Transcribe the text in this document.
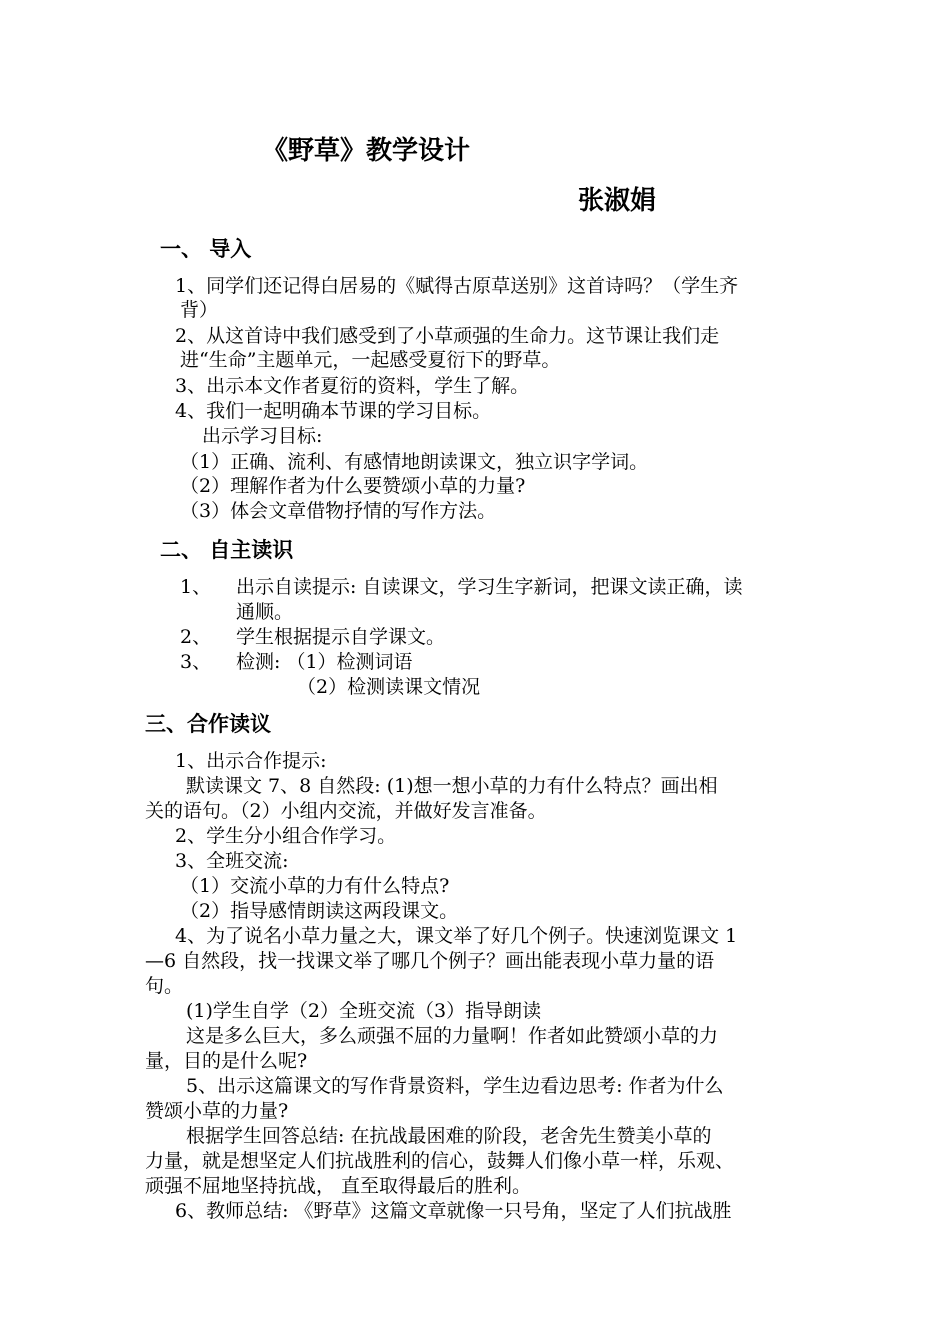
《野草》教学设计
张淑娟
一、 导入
1、同学们还记得白居易的《赋得古原草送别》这首诗吗？（学生齐
背）
2、从这首诗中我们感受到了小草顽强的生命力。这节课让我们走
进“生命”主题单元，一起感受夏衍下的野草。
3、出示本文作者夏衍的资料，学生了解。
4、我们一起明确本节课的学习目标。
出示学习目标:
（1）正确、流利、有感情地朗读课文，独立识字学词。
（2）理解作者为什么要赞颂小草的力量?
（3）体会文章借物抒情的写作方法。
二、 自主读识
1、 出示自读提示: 自读课文，学习生字新词，把课文读正确，读
通顺。
2、 学生根据提示自学课文。
3、 检测: （1）检测词语
（2）检测读课文情况
三、合作读议
1、出示合作提示:
默读课文 7、8 自然段: (1)想一想小草的力有什么特点？画出相
关的语句。（2）小组内交流，并做好发言准备。
2、学生分小组合作学习。
3、全班交流:
（1）交流小草的力有什么特点?
（2）指导感情朗读这两段课文。
4、为了说名小草力量之大，课文举了好几个例子。快速浏览课文 1
—6 自然段，找一找课文举了哪几个例子？画出能表现小草力量的语
句。
(1)学生自学（2）全班交流（3）指导朗读
这是多么巨大，多么顽强不屈的力量啊！作者如此赞颂小草的力
量，目的是什么呢?
5、出示这篇课文的写作背景资料，学生边看边思考: 作者为什么
赞颂小草的力量?
根据学生回答总结: 在抗战最困难的阶段，老舍先生赞美小草的
力量，就是想坚定人们抗战胜利的信心，鼓舞人们像小草一样，乐观、
顽强不屈地坚持抗战， 直至取得最后的胜利。
6、教师总结: 《野草》这篇文章就像一只号角，坚定了人们抗战胜
